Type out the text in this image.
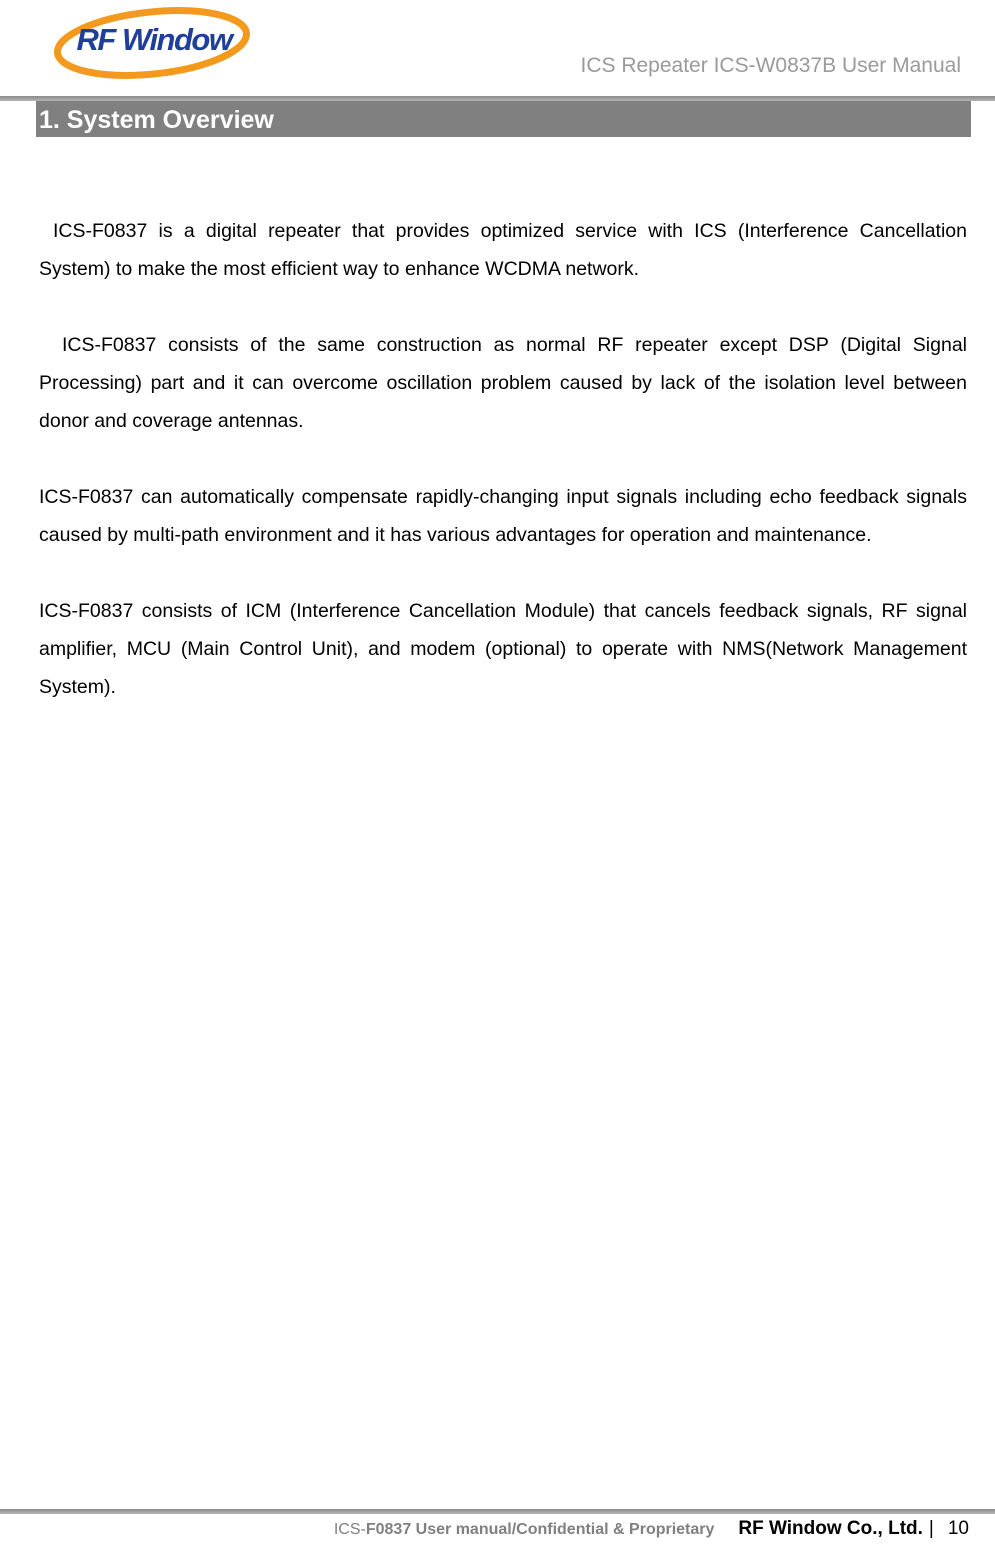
RF Window
ICS Repeater ICS-W0837B User Manual
1. System Overview

ICS-F0837 is a digital repeater that provides optimized service with ICS (Interference Cancellation System) to make the most efficient way to enhance WCDMA network.

ICS-F0837 consists of the same construction as normal RF repeater except DSP (Digital Signal Processing) part and it can overcome oscillation problem caused by lack of the isolation level between donor and coverage antennas.

ICS-F0837 can automatically compensate rapidly-changing input signals including echo feedback signals caused by multi-path environment and it has various advantages for operation and maintenance.

ICS-F0837 consists of ICM (Interference Cancellation Module) that cancels feedback signals, RF signal amplifier, MCU (Main Control Unit), and modem (optional) to operate with NMS(Network Management System).

ICS-F0837 User manual/Confidential & Proprietary RF Window Co., Ltd. | 10
